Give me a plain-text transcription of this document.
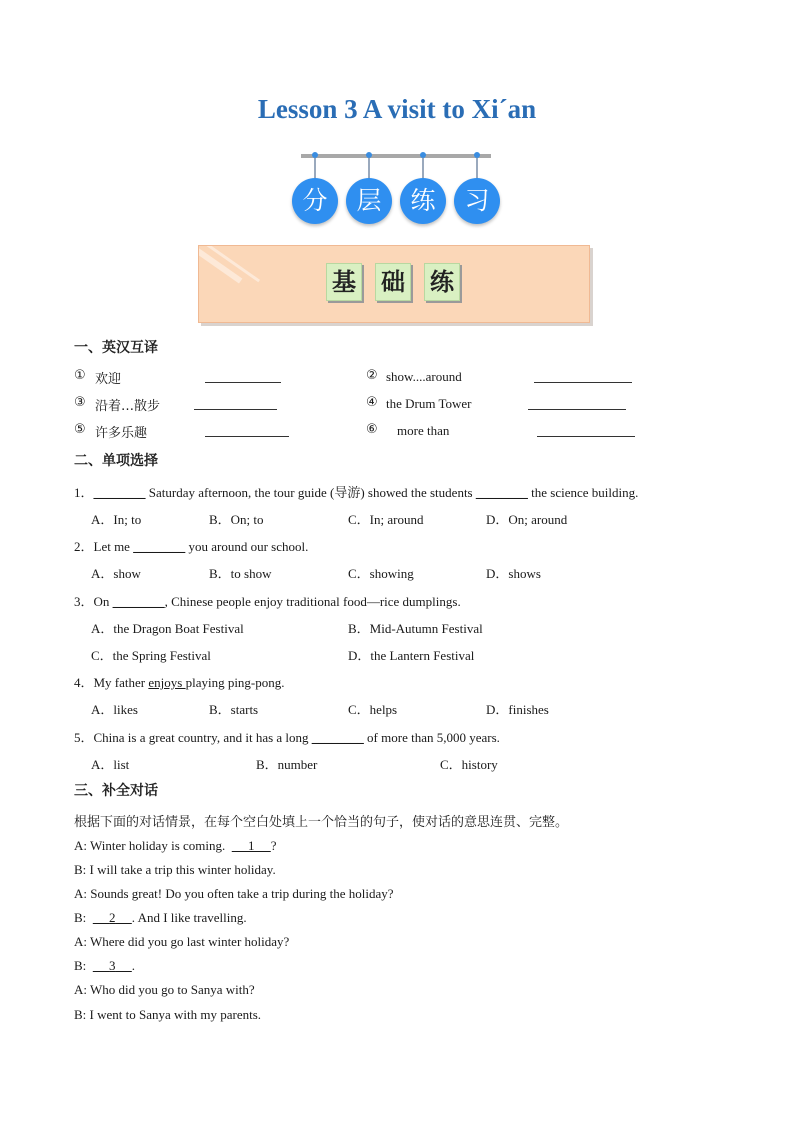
Lesson 3 A visit to Xi´an
分	层	练	习
基 础 练
一、英汉互译
① 欢迎	② show....around
③ 沿着…散步	④ the Drum Tower
⑤ 许多乐趣	⑥ more than
二、单项选择
1．________ Saturday afternoon, the tour guide (导游) showed the students ________ the science building.
A．In; to	B．On; to	C．In; around	D．On; around
2．Let me ________ you around our school.
A．show	B．to show	C．showing	D．shows
3．On ________, Chinese people enjoy traditional food—rice dumplings.
A．the Dragon Boat Festival	B．Mid-Autumn Festival
C．the Spring Festival	D．the Lantern Festival
4．My father enjoys playing ping-pong.
A．likes	B．starts	C．helps	D．finishes
5．China is a great country, and it has a long ________ of more than 5,000 years.
A．list	B．number	C．history
三、补全对话
根据下面的对话情景，在每个空白处填上一个恰当的句子，使对话的意思连贯、完整。
A: Winter holiday is coming. 1 ?
B: I will take a trip this winter holiday.
A: Sounds great! Do you often take a trip during the holiday?
B: 2 . And I like travelling.
A: Where did you go last winter holiday?
B: 3 .
A: Who did you go to Sanya with?
B: I went to Sanya with my parents.
